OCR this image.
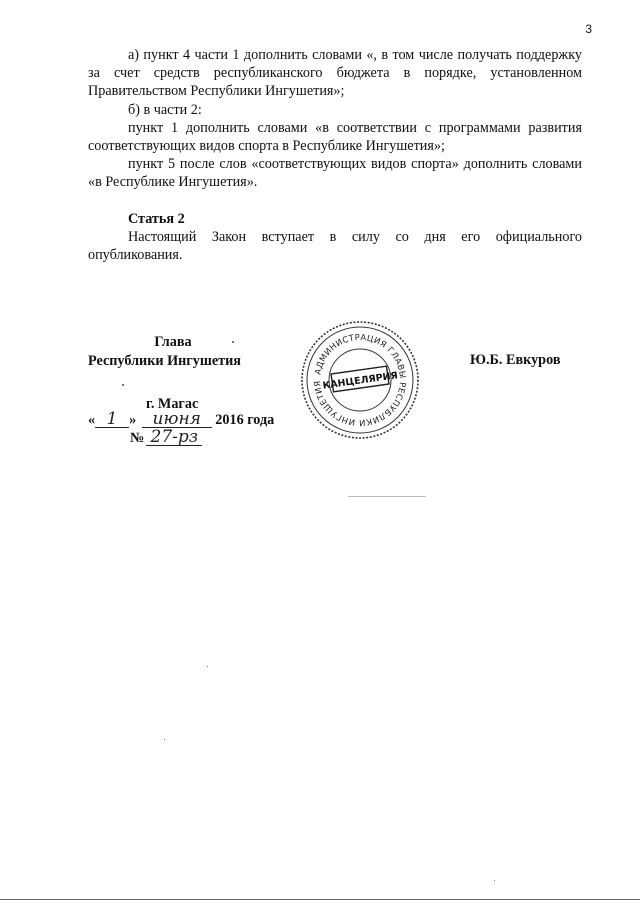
3

а) пункт 4 части 1 дополнить словами «, в том числе получать поддержку за счет средств республиканского бюджета в порядке, установленном Правительством Республики Ингушетия»;

б) в части 2:

пункт 1 дополнить словами «в соответствии с программами развития соответствующих видов спорта в Республике Ингушетия»;

пункт 5 после слов «соответствующих видов спорта» дополнить словами «в Республике Ингушетия».

Статья 2

Настоящий Закон вступает в силу со дня его официального опубликования.

Глава
Республики Ингушетия
АДМИНИСТРАЦИЯ ГЛАВЫ РЕСПУБЛИКИ ИНГУШЕТИЯ КАНЦЕЛЯРИЯ
Ю.Б. Евкуров
г. Магас
« 1 » июня 2016 года
№ 27-рз
